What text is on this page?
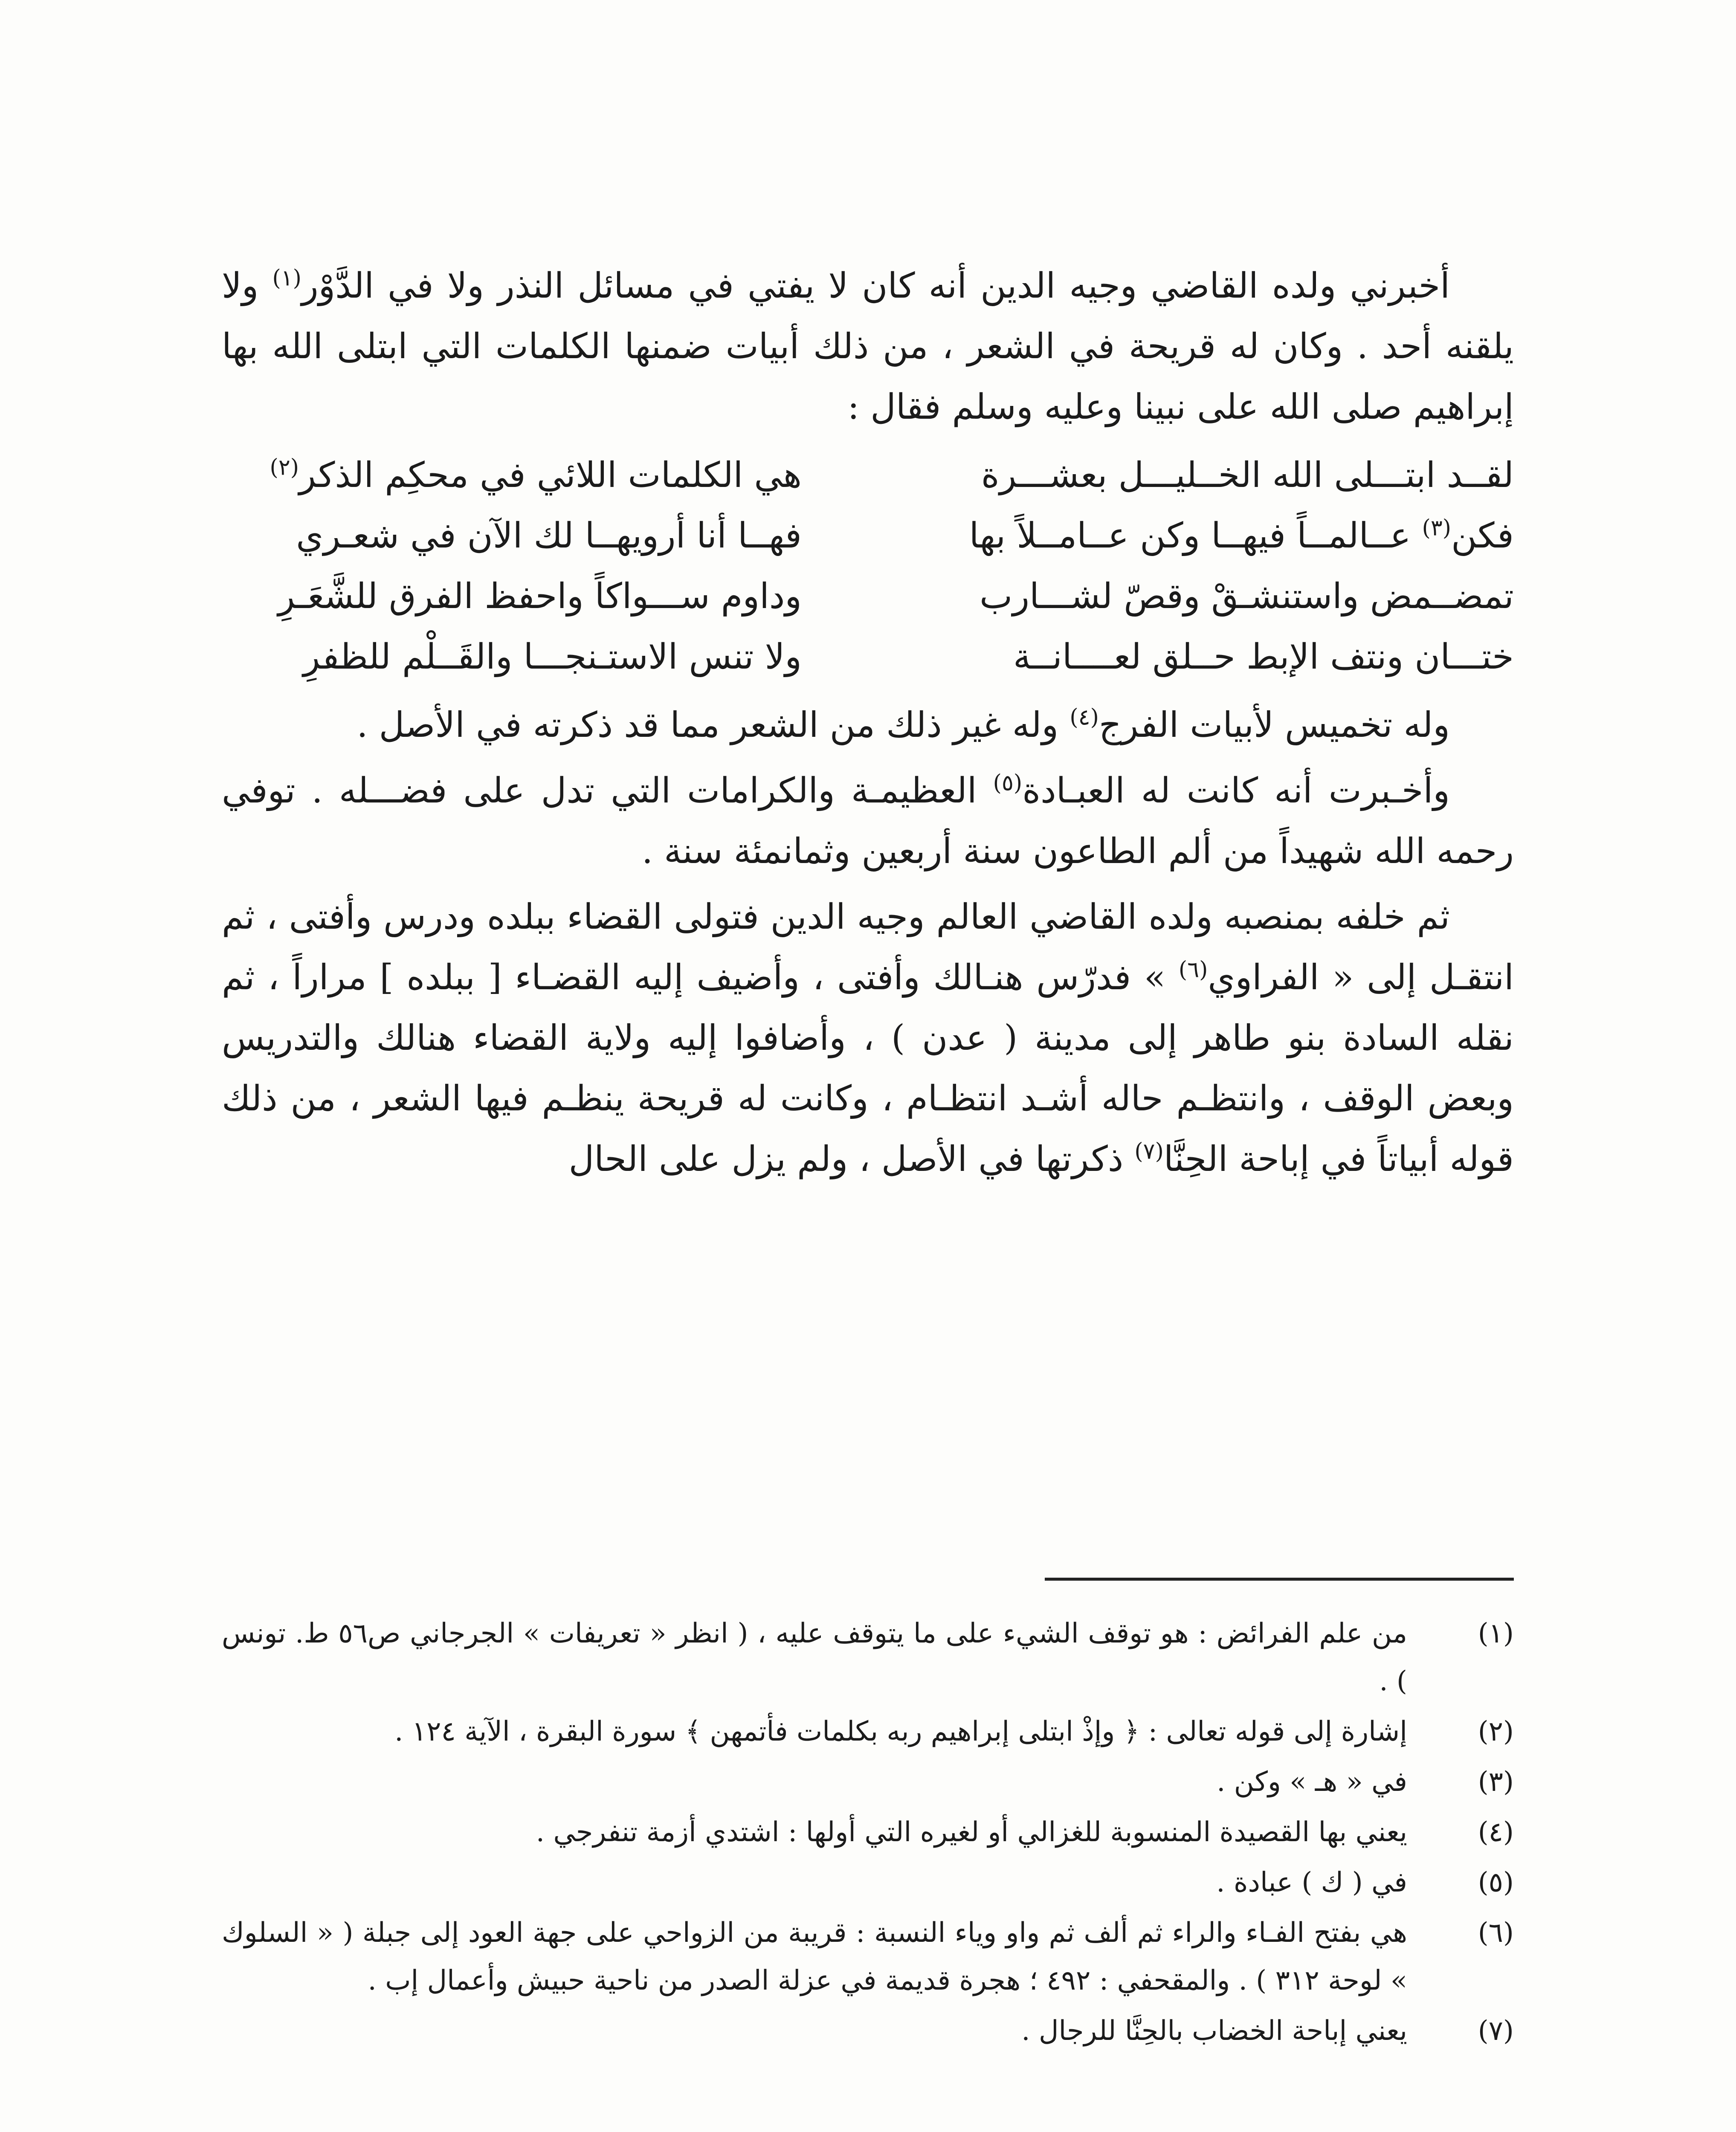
أخبرني ولده القاضي وجيه الدين أنه كان لا يفتي في مسائل النذر ولا في الدَّوْر$^{(١)}$ ولا يلقنه أحد . وكان له قريحة في الشعر ، من ذلك أبيات ضمنها الكلمات التي ابتلى الله بها إبراهيم صلى الله على نبينا وعليه وسلم فقال :

لقــد ابتـــلى الله الخــليـــل بعشـــرة
هي الكلمات اللائي في محكِم الذكر$^{(٢)}$
فكن$^{(٣)}$ عــالمــاً فيهــا وكن عــامــلاً بها
فهــا أنا أرويهــا لك الآن في شعـري
تمضــمض واستنشـقْ وقصّ لشـــارب
وداوم ســـواكاً واحفظ الفرق للشَّعَـرِ
ختـــان ونتف الإبط حــلق لعــــانــة
ولا تنس الاستـنجـــا والقَــلْم للظفرِ

وله تخميس لأبيات الفرج$^{(٤)}$ وله غير ذلك من الشعر مما قد ذكرته في الأصل .

وأخـبرت أنه كانت له العبـادة$^{(٥)}$ العظيمـة والكرامات التي تدل على فضـــله . توفي رحمه الله شهيداً من ألم الطاعون سنة أربعين وثمانمئة سنة .

ثم خلفه بمنصبه ولده القاضي العالم وجيه الدين فتولى القضاء ببلده ودرس وأفتى ، ثم انتقـل إلى « الفراوي$^{(٦)}$ » فدرّس هنـالك وأفتى ، وأضيف إليه القضـاء [ ببلده ] مراراً ، ثم نقله السادة بنو طاهر إلى مدينة ( عدن ) ، وأضافوا إليه ولاية القضاء هنالك والتدريس وبعض الوقف ، وانتظـم حاله أشـد انتظـام ، وكانت له قريحة ينظـم فيها الشعر ، من ذلك قوله أبياتاً في إباحة الحِنَّا$^{(٧)}$ ذكرتها في الأصل ، ولم يزل على الحال

(١)
من علم الفرائض : هو توقف الشيء على ما يتوقف عليه ، ( انظر « تعريفات » الجرجاني ص٥٦ ط. تونس ) .
(٢)
إشارة إلى قوله تعالى : ﴿ وإذْ ابتلى إبراهيم ربه بكلمات فأتمهن ﴾ سورة البقرة ، الآية ١٢٤ .
(٣)
في « هـ » وكن .
(٤)
يعني بها القصيدة المنسوبة للغزالي أو لغيره التي أولها : اشتدي أزمة تنفرجي .
(٥)
في ( ك ) عبادة .
(٦)
هي بفتح الفـاء والراء ثم ألف ثم واو وياء النسبة : قريبة من الزواحي على جهة العود إلى جبلة ( « السلوك » لوحة ٣١٢ ) . والمقحفي : ٤٩٢ ؛ هجرة قديمة في عزلة الصدر من ناحية حبيش وأعمال إب .
(٧)
يعني إباحة الخضاب بالحِنَّا للرجال .
